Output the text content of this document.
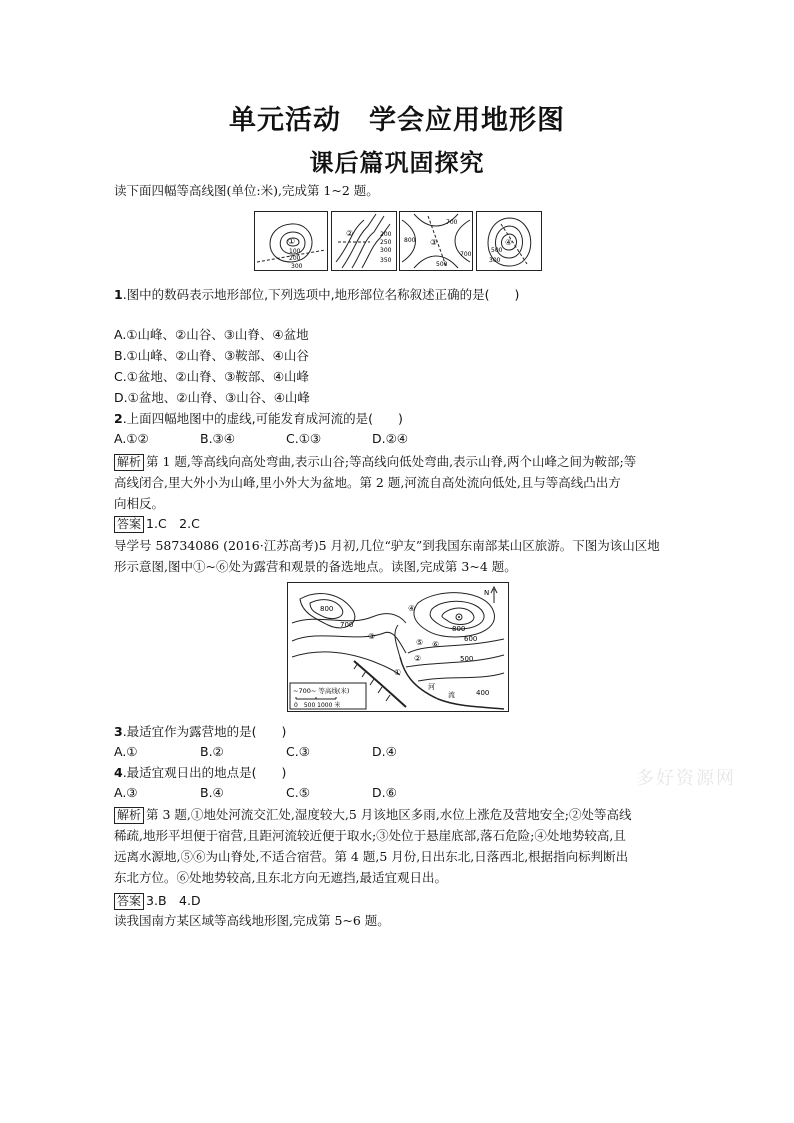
单元活动　学会应用地形图
课后篇巩固探究
读下面四幅等高线图(单位:米),完成第 1~2 题。
①
100
200
300
②	200
250
300
350
③
700
800
500
700
④
500
300
1.图中的数码表示地形部位,下列选项中,地形部位名称叙述正确的是(　　)
A.①山峰、②山谷、③山脊、④盆地
B.①山峰、②山脊、③鞍部、④山谷
C.①盆地、②山脊、③鞍部、④山峰
D.①盆地、②山脊、③山谷、④山峰
2.上面四幅地图中的虚线,可能发育成河流的是(　　)
A.①②	B.③④	C.①③	D.②④
解析 第 1 题,等高线向高处弯曲,表示山谷;等高线向低处弯曲,表示山脊,两个山峰之间为鞍部;等
高线闭合,里大外小为山峰,里小外大为盆地。第 2 题,河流自高处流向低处,且与等高线凸出方
向相反。
答案 1.C　2.C
导学号 58734086 (2016·江苏高考)5 月初,几位“驴友”到我国东南部某山区旅游。下图为该山区地
形示意图,图中①~⑥处为露营和观景的备选地点。读图,完成第 3~4 题。
800
700
600
500
400
800
①
②
③
④
⑤ ⑥
河
流
N
~700~ 等高线(米)
0　500 1000 米
3.最适宜作为露营地的是(　　)
A.①	B.②	C.③	D.④
4.最适宜观日出的地点是(　　)
A.③	B.④	C.⑤	D.⑥
解析 第 3 题,①地处河流交汇处,湿度较大,5 月该地区多雨,水位上涨危及营地安全;②处等高线
稀疏,地形平坦便于宿营,且距河流较近便于取水;③处位于悬崖底部,落石危险;④处地势较高,且
远离水源地,⑤⑥为山脊处,不适合宿营。第 4 题,5 月份,日出东北,日落西北,根据指向标判断出
东北方位。⑥处地势较高,且东北方向无遮挡,最适宜观日出。
答案 3.B　4.D
读我国南方某区域等高线地形图,完成第 5~6 题。
多好资源网
